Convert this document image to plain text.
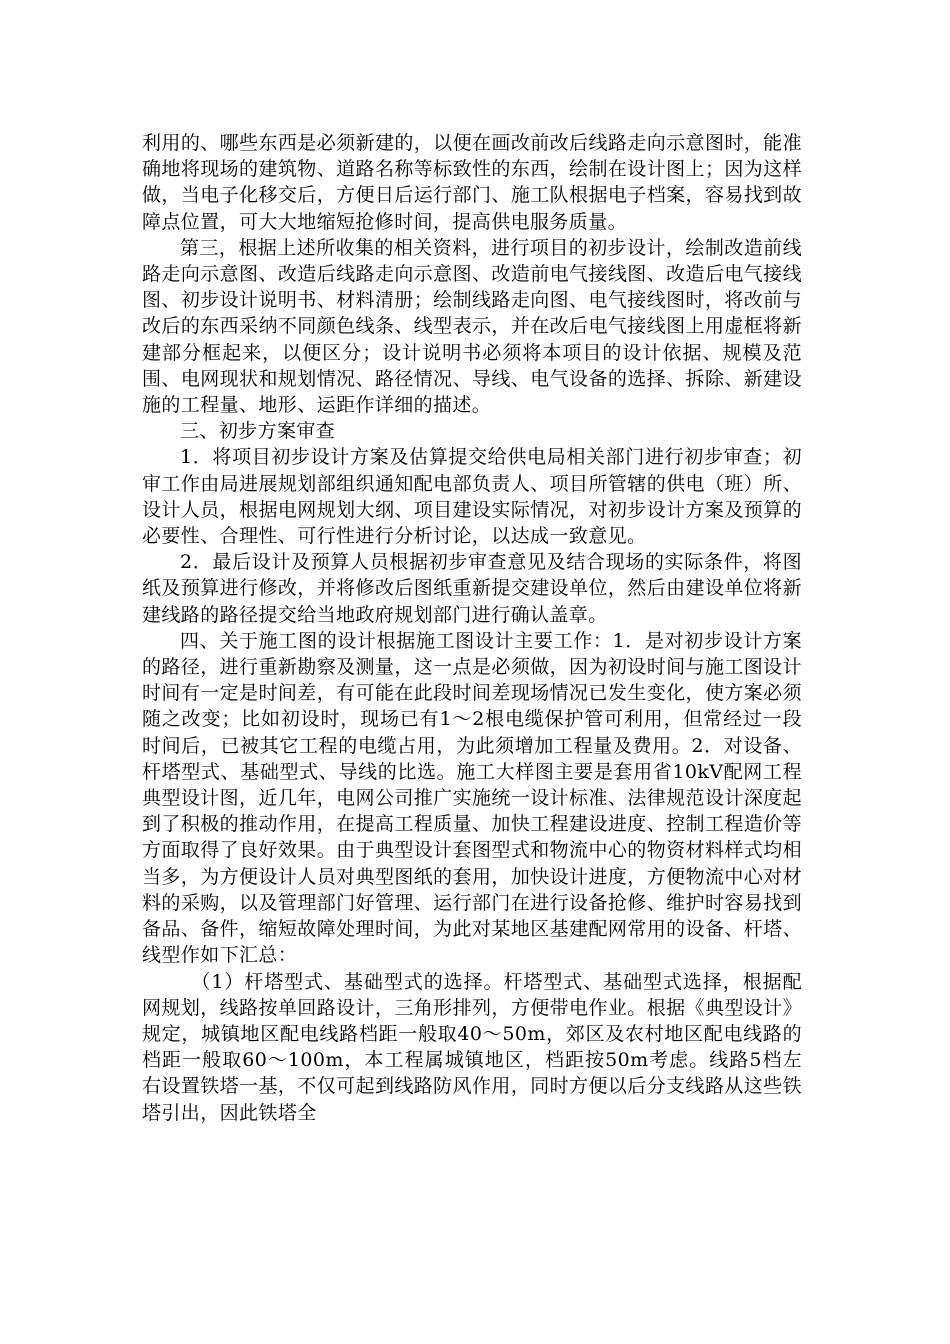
利用的、哪些东西是必须新建的，以便在画改前改后线路走向示意图时，能准确地将现场的建筑物、道路名称等标致性的东西，绘制在设计图上；因为这样做，当电子化移交后，方便日后运行部门、施工队根据电子档案，容易找到故障点位置，可大大地缩短抢修时间，提高供电服务质量。

第三，根据上述所收集的相关资料，进行项目的初步设计，绘制改造前线路走向示意图、改造后线路走向示意图、改造前电气接线图、改造后电气接线图、初步设计说明书、材料清册；绘制线路走向图、电气接线图时，将改前与改后的东西采纳不同颜色线条、线型表示，并在改后电气接线图上用虚框将新建部分框起来，以便区分；设计说明书必须将本项目的设计依据、规模及范围、电网现状和规划情况、路径情况、导线、电气设备的选择、拆除、新建设施的工程量、地形、运距作详细的描述。

三、初步方案审查

1．将项目初步设计方案及估算提交给供电局相关部门进行初步审查；初审工作由局进展规划部组织通知配电部负责人、项目所管辖的供电（班）所、设计人员，根据电网规划大纲、项目建设实际情况，对初步设计方案及预算的必要性、合理性、可行性进行分析讨论，以达成一致意见。

2．最后设计及预算人员根据初步审查意见及结合现场的实际条件，将图纸及预算进行修改，并将修改后图纸重新提交建设单位，然后由建设单位将新建线路的路径提交给当地政府规划部门进行确认盖章。

四、关于施工图的设计根据施工图设计主要工作：1．是对初步设计方案的路径，进行重新勘察及测量，这一点是必须做，因为初设时间与施工图设计时间有一定是时间差，有可能在此段时间差现场情况已发生变化，使方案必须随之改变；比如初设时，现场已有1～2根电缆保护管可利用，但常经过一段时间后，已被其它工程的电缆占用，为此须增加工程量及费用。2．对设备、杆塔型式、基础型式、导线的比选。施工大样图主要是套用省10kV配网工程典型设计图，近几年，电网公司推广实施统一设计标准、法律规范设计深度起到了积极的推动作用，在提高工程质量、加快工程建设进度、控制工程造价等方面取得了良好效果。由于典型设计套图型式和物流中心的物资材料样式均相当多，为方便设计人员对典型图纸的套用，加快设计进度，方便物流中心对材料的采购，以及管理部门好管理、运行部门在进行设备抢修、维护时容易找到备品、备件，缩短故障处理时间，为此对某地区基建配网常用的设备、杆塔、线型作如下汇总：

（1）杆塔型式、基础型式的选择。杆塔型式、基础型式选择，根据配网规划，线路按单回路设计，三角形排列，方便带电作业。根据《典型设计》规定，城镇地区配电线路档距一般取40～50m，郊区及农村地区配电线路的档距一般取60～100m，本工程属城镇地区，档距按50m考虑。线路5档左右设置铁塔一基，不仅可起到线路防风作用，同时方便以后分支线路从这些铁塔引出，因此铁塔全
